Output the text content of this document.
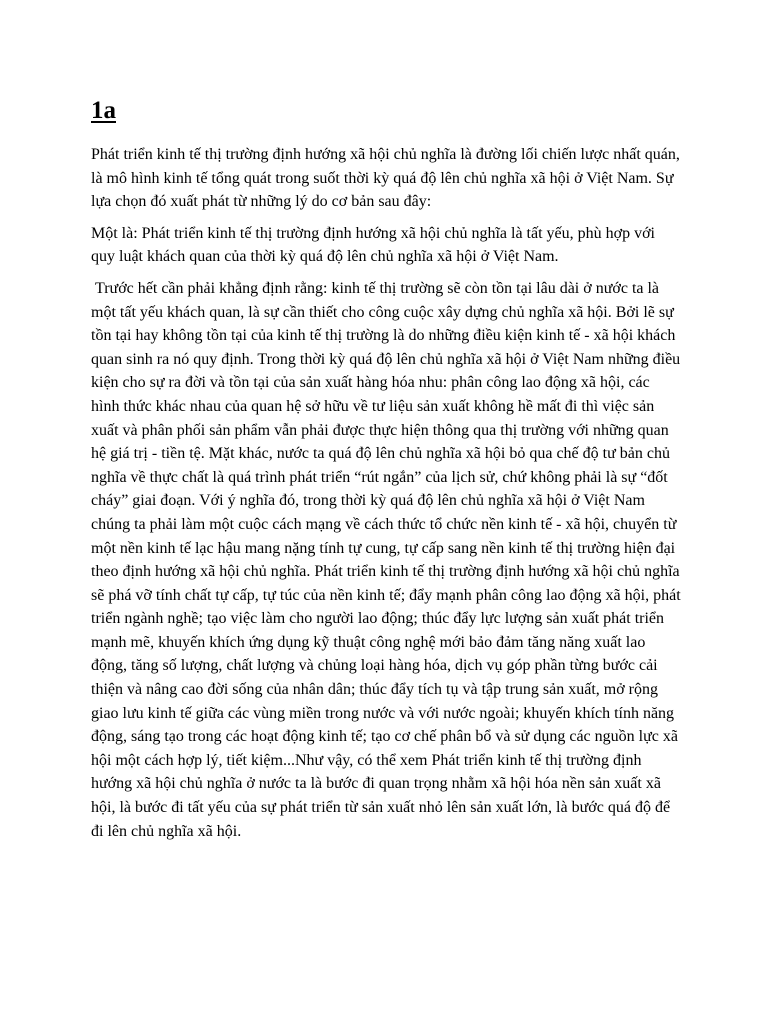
1a

Phát triển kinh tế thị trường định hướng xã hội chủ nghĩa là đường lối chiến lược nhất quán, là mô hình kinh tế tổng quát trong suốt thời kỳ quá độ lên chủ nghĩa xã hội ở Việt Nam. Sự lựa chọn đó xuất phát từ những lý do cơ bản sau đây:

Một là: Phát triển kinh tế thị trường định hướng xã hội chủ nghĩa là tất yếu, phù hợp với quy luật khách quan của thời kỳ quá độ lên chủ nghĩa xã hội ở Việt Nam.

Trước hết cần phải khẳng định rằng: kinh tế thị trường sẽ còn tồn tại lâu dài ở nước ta là một tất yếu khách quan, là sự cần thiết cho công cuộc xây dựng chủ nghĩa xã hội. Bởi lẽ sự tồn tại hay không tồn tại của kinh tế thị trường là do những điều kiện kinh tế - xã hội khách quan sinh ra nó quy định. Trong thời kỳ quá độ lên chủ nghĩa xã hội ở Việt Nam những điều kiện cho sự ra đời và tồn tại của sản xuất hàng hóa nhu: phân công lao động xã hội, các hình thức khác nhau của quan hệ sở hữu về tư liệu sản xuất không hề mất đi thì việc sản xuất và phân phối sản phẩm vẫn phải được thực hiện thông qua thị trường với những quan hệ giá trị - tiền tệ. Mặt khác, nước ta quá độ lên chủ nghĩa xã hội bỏ qua chế độ tư bản chủ nghĩa về thực chất là quá trình phát triển “rút ngắn” của lịch sử, chứ không phải là sự “đốt cháy” giai đoạn. Với ý nghĩa đó, trong thời kỳ quá độ lên chủ nghĩa xã hội ở Việt Nam chúng ta phải làm một cuộc cách mạng về cách thức tổ chức nền kinh tế - xã hội, chuyển từ một nền kinh tế lạc hậu mang nặng tính tự cung, tự cấp sang nền kinh tế thị trường hiện đại theo định hướng xã hội chủ nghĩa. Phát triển kinh tế thị trường định hướng xã hội chủ nghĩa sẽ phá vỡ tính chất tự cấp, tự túc của nền kinh tế; đẩy mạnh phân công lao động xã hội, phát triển ngành nghề; tạo việc làm cho người lao động; thúc đẩy lực lượng sản xuất phát triển mạnh mẽ, khuyến khích ứng dụng kỹ thuật công nghệ mới bảo đảm tăng năng xuất lao động, tăng số lượng, chất lượng và chủng loại hàng hóa, dịch vụ góp phần từng bước cải thiện và nâng cao đời sống của nhân dân; thúc đẩy tích tụ và tập trung sản xuất, mở rộng giao lưu kinh tế giữa các vùng miền trong nước và với nước ngoài; khuyến khích tính năng động, sáng tạo trong các hoạt động kinh tế; tạo cơ chế phân bổ và sử dụng các nguồn lực xã hội một cách hợp lý, tiết kiệm...Như vậy, có thể xem Phát triển kinh tế thị trường định hướng xã hội chủ nghĩa ở nước ta là bước đi quan trọng nhằm xã hội hóa nền sản xuất xã hội, là bước đi tất yếu của sự phát triển từ sản xuất nhỏ lên sản xuất lớn, là bước quá độ để đi lên chủ nghĩa xã hội.
